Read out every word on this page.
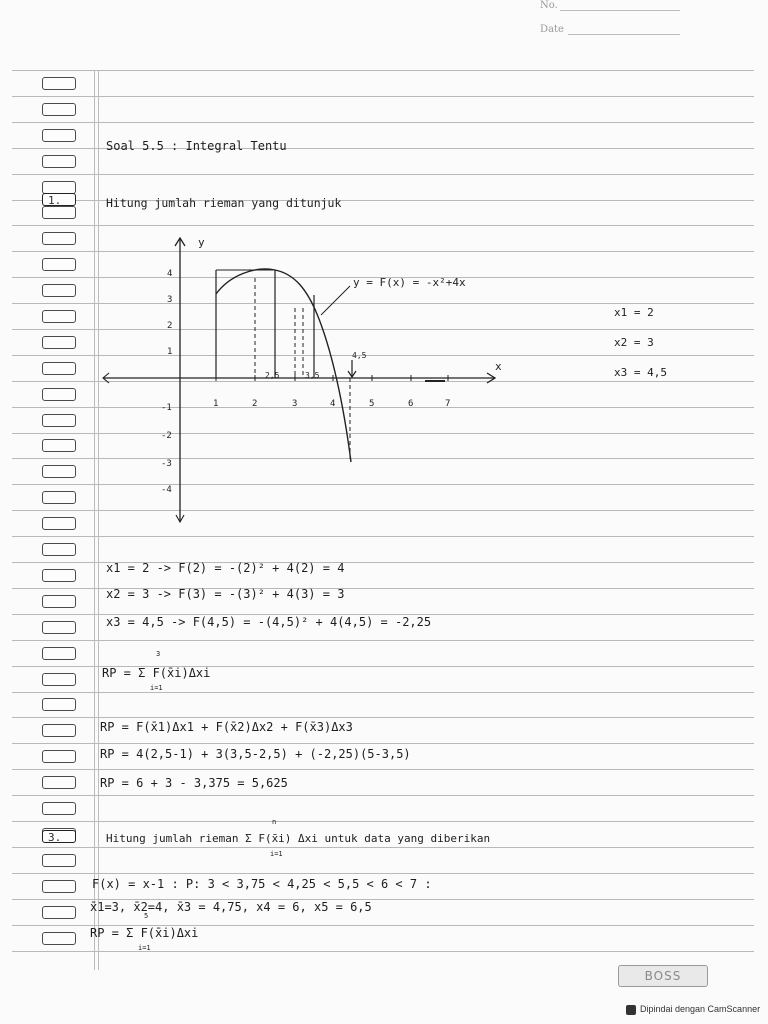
No.
Date
Soal 5.5 : Integral Tentu
1.	Hitung jumlah rieman yang ditunjuk
y
x
1	2	3	4	5	6	7
4
3
2
1
-1
-2
-3
-4
2,5	3,5
4,5
y = F(x) = -x²+4x
x1 = 2
x2 = 3
x3 = 4,5
x1 = 2 -> F(2) = -(2)² + 4(2) = 4
x2 = 3 -> F(3) = -(3)² + 4(3) = 3
x3 = 4,5 -> F(4,5) = -(4,5)² + 4(4,5) = -2,25
3
RP = Σ F(x̄i)Δxi
i=1
RP = F(x̄1)Δx1 + F(x̄2)Δx2 + F(x̄3)Δx3
RP = 4(2,5-1) + 3(3,5-2,5) + (-2,25)(5-3,5)
RP = 6 + 3 - 3,375 = 5,625
3.
n
Hitung jumlah rieman Σ F(x̄i) Δxi untuk data yang diberikan
i=1
F(x) = x-1 : P: 3 < 3,75 < 4,25 < 5,5 < 6 < 7 :
x̄1=3, x̄2=4, x̄3 = 4,75, x4 = 6, x5 = 6,5
5
RP = Σ F(x̄i)Δxi
i=1
BOSS
Dipindai dengan CamScanner
